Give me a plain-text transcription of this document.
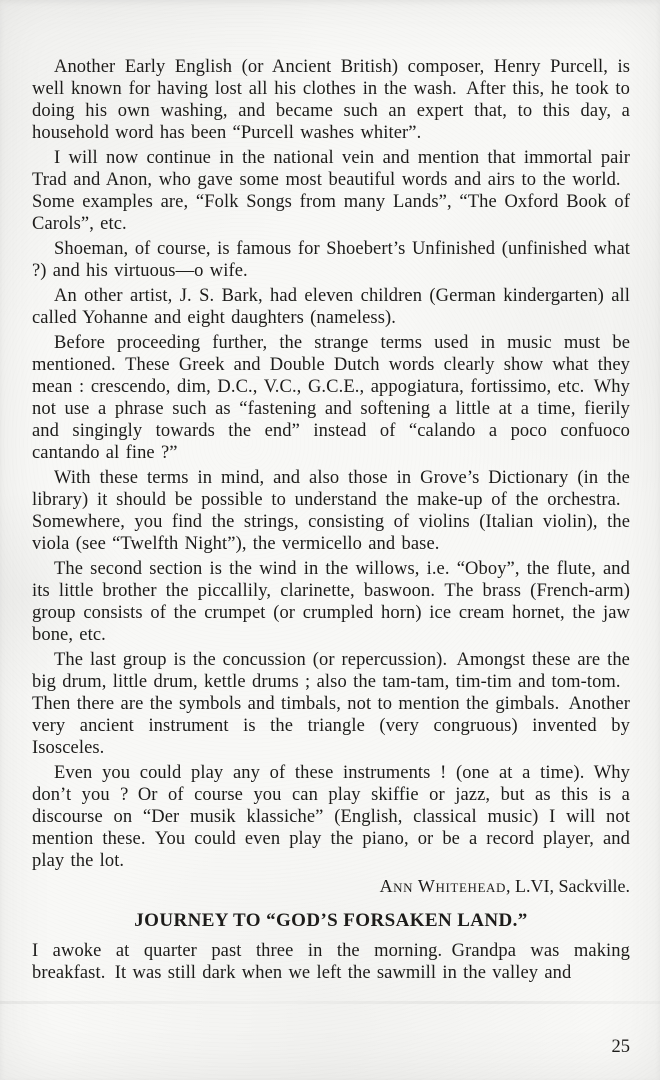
Another Early English (or Ancient British) composer, Henry Purcell, is well known for having lost all his clothes in the wash. After this, he took to doing his own washing, and became such an expert that, to this day, a household word has been “Purcell washes whiter”.

I will now continue in the national vein and mention that immortal pair Trad and Anon, who gave some most beautiful words and airs to the world. Some examples are, “Folk Songs from many Lands”, “The Oxford Book of Carols”, etc.

Shoeman, of course, is famous for Shoebert’s Unfinished (unfinished what ?) and his virtuous—o wife.

An other artist, J. S. Bark, had eleven children (German kindergarten) all called Yohanne and eight daughters (nameless).

Before proceeding further, the strange terms used in music must be mentioned. These Greek and Double Dutch words clearly show what they mean : crescendo, dim, D.C., V.C., G.C.E., appogiatura, fortissimo, etc. Why not use a phrase such as “fastening and softening a little at a time, fierily and singingly towards the end” instead of “calando a poco confuoco cantando al fine ?”

With these terms in mind, and also those in Grove’s Dictionary (in the library) it should be possible to understand the make-up of the orchestra. Somewhere, you find the strings, consisting of violins (Italian violin), the viola (see “Twelfth Night”), the vermicello and base.

The second section is the wind in the willows, i.e. “Oboy”, the flute, and its little brother the piccallily, clarinette, baswoon. The brass (French-arm) group consists of the crumpet (or crumpled horn) ice cream hornet, the jaw bone, etc.

The last group is the concussion (or repercussion). Amongst these are the big drum, little drum, kettle drums ; also the tam-tam, tim-tim and tom-tom. Then there are the symbols and timbals, not to mention the gimbals. Another very ancient instrument is the triangle (very congruous) invented by Isosceles.

Even you could play any of these instruments ! (one at a time). Why don’t you ? Or of course you can play skiffie or jazz, but as this is a discourse on “Der musik klassiche” (English, classical music) I will not mention these. You could even play the piano, or be a record player, and play the lot.

Ann Whitehead, L.VI, Sackville.

JOURNEY TO “GOD’S FORSAKEN LAND.”

I awoke at quarter past three in the morning. Grandpa was making breakfast. It was still dark when we left the sawmill in the valley and

25
